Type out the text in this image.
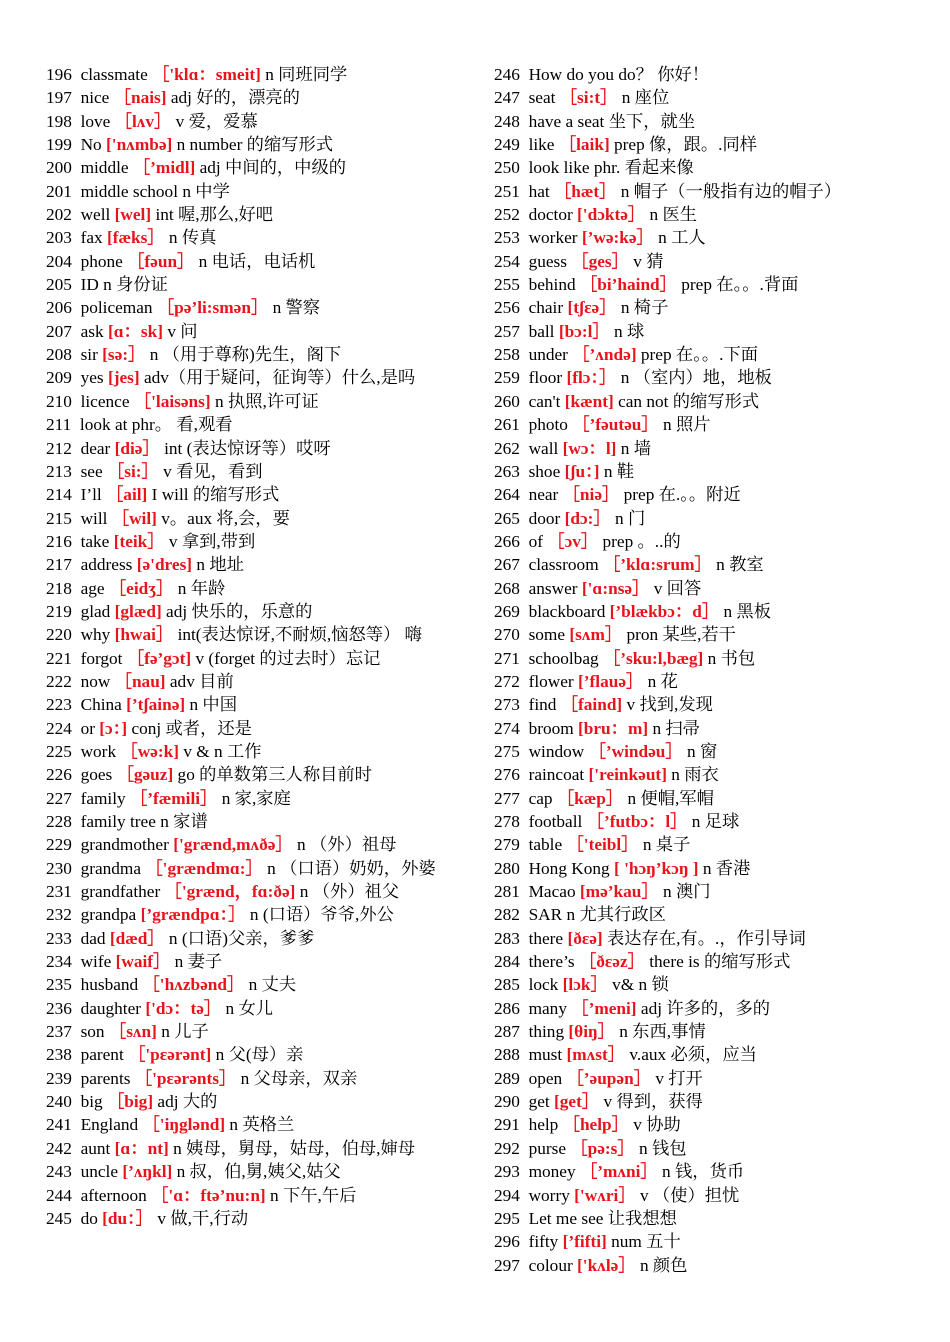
196 classmate ［'klɑ：smeit] n 同班同学
197 nice ［nais] adj 好的，漂亮的
198 love ［lʌv］ v 爱，爱慕
199 No ['nʌmbə] n number 的缩写形式
200 middle ［’midl] adj 中间的，中级的
201 middle school n 中学
202 well [wel] int 喔,那么,好吧
203 fax [fæks］ n 传真
204 phone ［fəun］ n 电话，电话机
205 ID n 身份证
206 policeman ［pə’li:smən］ n 警察
207 ask [ɑ：sk] v 问
208 sir [sə:］ n （用于尊称)先生，阁下
209 yes [jes] adv（用于疑问，征询等）什么,是吗
210 licence ［'laisəns] n 执照,许可证
211 look at phr。 看,观看
212 dear [diə］ int (表达惊讶等）哎呀
213 see ［si:］ v 看见，看到
214 I’ll ［ail] I will 的缩写形式
215 will ［wil] v。aux 将,会，要
216 take [teik］ v 拿到,带到
217 address [ə'dres] n 地址
218 age ［eidʒ］ n 年龄
219 glad [glæd] adj 快乐的，乐意的
220 why [hwai］ int(表达惊讶,不耐烦,恼怒等） 嗨
221 forgot ［fə’gɔt] v (forget 的过去时）忘记
222 now ［nau] adv 目前
223 China [’tʃainə] n 中国
224 or [ɔ：] conj 或者，还是
225 work ［wə:k] v & n 工作
226 goes ［gəuz] go 的单数第三人称目前时
227 family ［’fæmili］ n 家,家庭
228 family tree n 家谱
229 grandmother ['grænd,mʌðə］ n （外）祖母
230 grandma ［'grændmɑ:］ n （口语）奶奶，外婆
231 grandfather ［'grænd，fɑ:ðə] n （外）祖父
232 grandpa [’grændpɑ：］ n (口语）爷爷,外公
233 dad [dæd］ n (口语)父亲，爹爹
234 wife [waif］ n 妻子
235 husband ［'hʌzbənd］ n 丈夫
236 daughter ['dɔ：tə］ n 女儿
237 son ［sʌn] n 儿子
238 parent ［'pɛərənt] n 父(母）亲
239 parents ［'pɛərənts］ n 父母亲，双亲
240 big ［big] adj 大的
241 England ［'iŋglənd] n 英格兰
242 aunt [ɑ：nt] n 姨母，舅母，姑母，伯母,婶母
243 uncle [’ʌŋkl] n 叔，伯,舅,姨父,姑父
244 afternoon ［'ɑ：ftə’nu:n] n 下午,午后
245 do [du：］ v 做,干,行动
246 How do you do？ 你好！
247 seat ［si:t］ n 座位
248 have a seat 坐下，就坐
249 like ［laik] prep 像，跟。.同样
250 look like phr. 看起来像
251 hat ［hæt］ n 帽子（一般指有边的帽子）
252 doctor ['dɔktə］ n 医生
253 worker [’wə:kə］ n 工人
254 guess ［ges］ v 猜
255 behind ［bi’haind］ prep 在。。.背面
256 chair [tʃɛə］ n 椅子
257 ball [bɔ:l］ n 球
258 under ［’ʌndə] prep 在。。.下面
259 floor [flɔ：］ n （室内）地，地板
260 can't [kænt] can not 的缩写形式
261 photo ［’fəutəu］ n 照片
262 wall [wɔ：l] n 墙
263 shoe [ʃu：] n 鞋
264 near ［niə］ prep 在.。。附近
265 door [dɔ:］ n 门
266 of ［ɔv］ prep 。..的
267 classroom ［’klɑ:srum］ n 教室
268 answer ['ɑ:nsə］ v 回答
269 blackboard [’blækbɔ：d］ n 黑板
270 some [sʌm］ pron 某些,若干
271 schoolbag ［’sku:l,bæg] n 书包
272 flower [’flauə］ n 花
273 find ［faind] v 找到,发现
274 broom [bru：m] n 扫帚
275 window ［’windəu］ n 窗
276 raincoat ['reinkəut] n 雨衣
277 cap ［kæp］ n 便帽,军帽
278 football ［’futbɔ：l］ n 足球
279 table ［'teibl］ n 桌子
280 Hong Kong [ 'hɔŋ’kɔŋ ] n 香港
281 Macao [mə’kau］ n 澳门
282 SAR n 尤其行政区
283 there [ðεə] 表达存在,有。.，作引导词
284 there’s ［ðεəz］ there is 的缩写形式
285 lock [lɔk］ v& n 锁
286 many ［’meni] adj 许多的，多的
287 thing [θiŋ］ n 东西,事情
288 must [mʌst］ v.aux 必须，应当
289 open ［’əupən］ v 打开
290 get [get］ v 得到，获得
291 help ［help］ v 协助
292 purse ［pə:s］ n 钱包
293 money ［’mʌni］ n 钱，货币
294 worry ['wʌri］ v （使）担忧
295 Let me see 让我想想
296 fifty [’fifti] num 五十
297 colour ['kʌlə］ n 颜色
